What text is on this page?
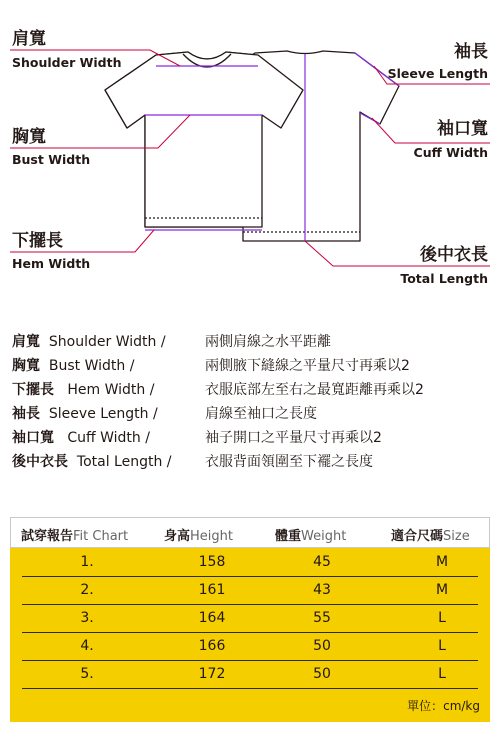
肩寬
Shoulder Width
袖長
Sleeve Length
胸寬
Bust Width
袖口寬
Cuff Width
下擺長
Hem Width	後中衣長
Total Length
肩寬 Shoulder Width /	兩側肩線之水平距離
胸寬 Bust Width /	兩側腋下縫線之平量尺寸再乘以2
下擺長 Hem Width /	衣服底部左至右之最寬距離再乘以2
袖長 Sleeve Length /	肩線至袖口之長度
袖口寬 Cuff Width /	袖子開口之平量尺寸再乘以2
後中衣長 Total Length / 衣服背面領圍至下襬之長度
試穿報告Fit Chart	身高Height	體重Weight	適合尺碼Size
1.	158	45	M
2.	161	43	M
3.	164	55	L
4.	166	50	L
5.	172	50	L
單位：cm/kg
